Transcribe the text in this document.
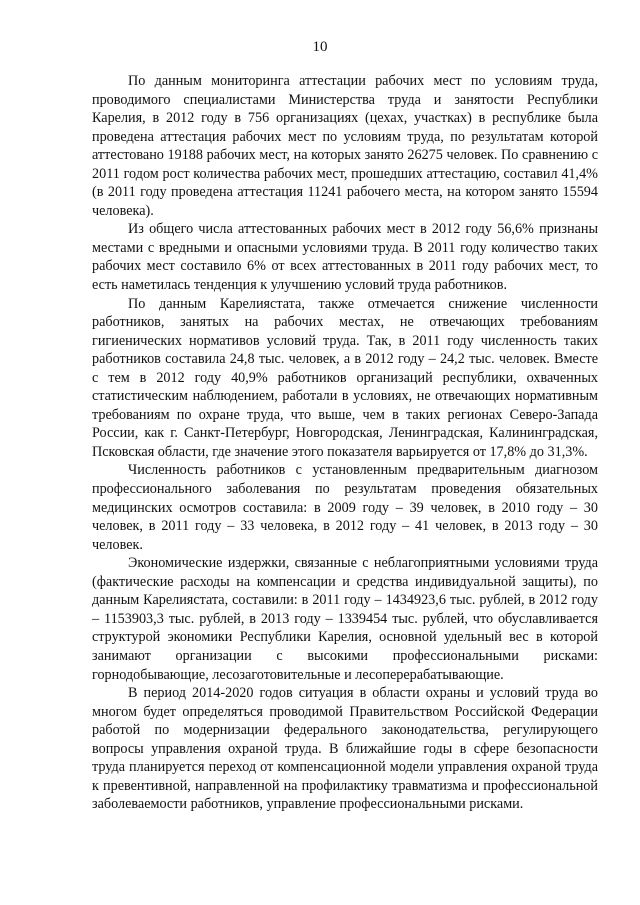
10

По данным мониторинга аттестации рабочих мест по условиям труда, проводимого специалистами Министерства труда и занятости Республики Карелия, в 2012 году в 756 организациях (цехах, участках) в республике была проведена аттестация рабочих мест по условиям труда, по результатам которой аттестовано 19188 рабочих мест, на которых занято 26275 человек. По сравнению с 2011 годом рост количества рабочих мест, прошедших аттестацию, составил 41,4% (в 2011 году проведена аттестация 11241 рабочего места, на котором занято 15594 человека).

Из общего числа аттестованных рабочих мест в 2012 году 56,6% признаны местами с вредными и опасными условиями труда. В 2011 году количество таких рабочих мест составило 6% от всех аттестованных в 2011 году рабочих мест, то есть наметилась тенденция к улучшению условий труда работников.

По данным Карелиястата, также отмечается снижение численности работников, занятых на рабочих местах, не отвечающих требованиям гигиенических нормативов условий труда. Так, в 2011 году численность таких работников составила 24,8 тыс. человек, а в 2012 году – 24,2 тыс. человек. Вместе с тем в 2012 году 40,9% работников организаций республики, охваченных статистическим наблюдением, работали в условиях, не отвечающих нормативным требованиям по охране труда, что выше, чем в таких регионах Северо-Запада России, как г. Санкт-Петербург, Новгородская, Ленинградская, Калининградская, Псковская области, где значение этого показателя варьируется от 17,8% до 31,3%.

Численность работников с установленным предварительным диагнозом профессионального заболевания по результатам проведения обязательных медицинских осмотров составила: в 2009 году – 39 человек, в 2010 году – 30 человек, в 2011 году – 33 человека, в 2012 году – 41 человек, в 2013 году – 30 человек.

Экономические издержки, связанные с неблагоприятными условиями труда (фактические расходы на компенсации и средства индивидуальной защиты), по данным Карелиястата, составили: в 2011 году – 1434923,6 тыс. рублей, в 2012 году – 1153903,3 тыс. рублей, в 2013 году – 1339454 тыс. рублей, что обуславливается структурой экономики Республики Карелия, основной удельный вес в которой занимают организации с высокими профессиональными рисками: горнодобывающие, лесозаготовительные и лесоперерабатывающие.

В период 2014-2020 годов ситуация в области охраны и условий труда во многом будет определяться проводимой Правительством Российской Федерации работой по модернизации федерального законодательства, регулирующего вопросы управления охраной труда. В ближайшие годы в сфере безопасности труда планируется переход от компенсационной модели управления охраной труда к превентивной, направленной на профилактику травматизма и профессиональной заболеваемости работников, управление профессиональными рисками.
